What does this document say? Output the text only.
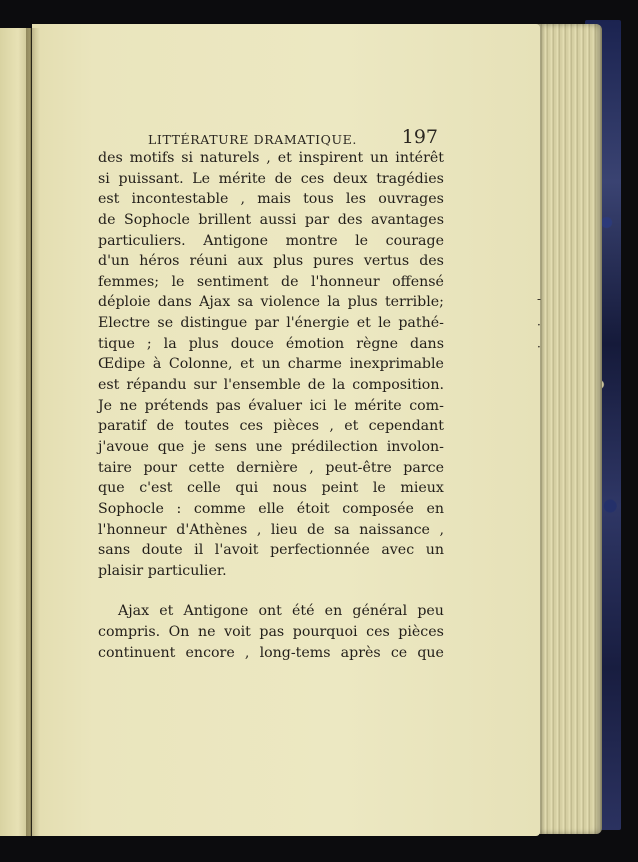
LITTÉRATURE DRAMATIQUE. 197
des motifs si naturels , et inspirent un intérêt
si puissant. Le mérite de ces deux tragédies
est incontestable , mais tous les ouvrages
de Sophocle brillent aussi par des avantages
particuliers. Antigone montre le courage
d'un héros réuni aux plus pures vertus des
femmes; le sentiment de l'honneur offensé
déploie dans Ajax sa violence la plus terrible;
Electre se distingue par l'énergie et le pathé-
tique ; la plus douce émotion règne dans
Œdipe à Colonne, et un charme inexprimable
est répandu sur l'ensemble de la composition.
Je ne prétends pas évaluer ici le mérite com-
paratif de toutes ces pièces , et cependant
j'avoue que je sens une prédilection involon-
taire pour cette dernière , peut-être parce
que c'est celle qui nous peint le mieux
Sophocle : comme elle étoit composée en
l'honneur d'Athènes , lieu de sa naissance ,
sans doute il l'avoit perfectionnée avec un
plaisir particulier.
Ajax et Antigone ont été en général peu
compris. On ne voit pas pourquoi ces pièces
continuent encore , long-tems après ce que
-
·
·
